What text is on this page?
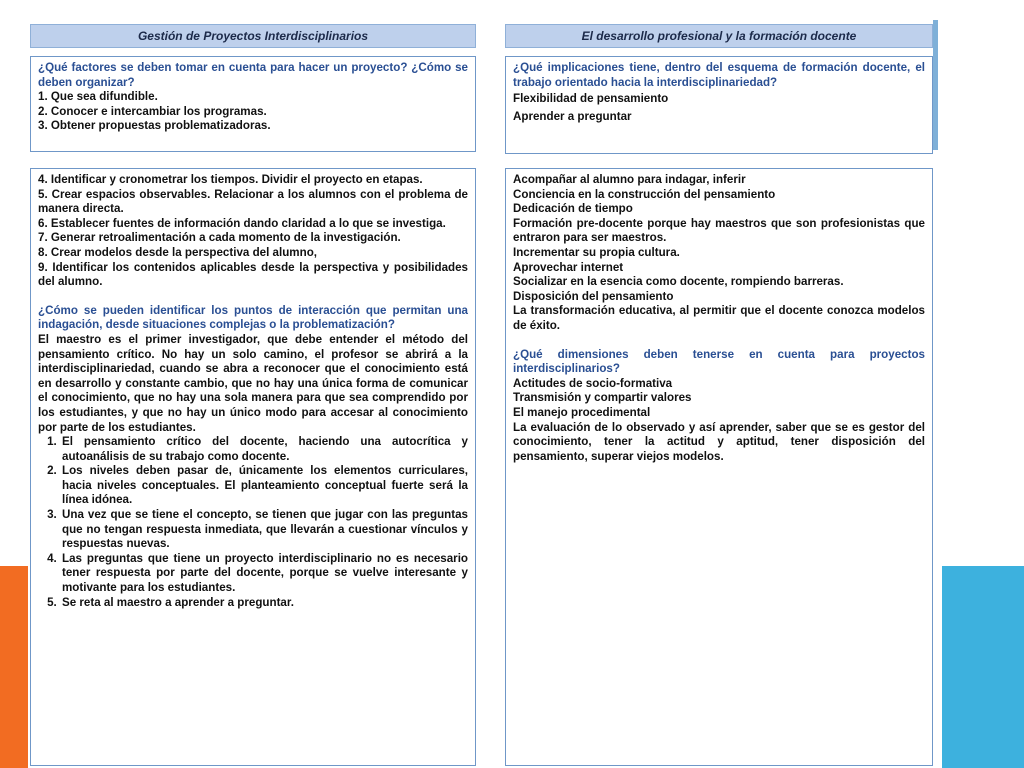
Gestión de Proyectos Interdisciplinarios

¿Qué factores se deben tomar en cuenta para hacer un proyecto? ¿Cómo se deben organizar?

1. Que sea difundible.
2. Conocer e intercambiar los programas.
3. Obtener propuestas problematizadoras.
4. Identificar y cronometrar los tiempos. Dividir el proyecto en etapas.
5. Crear espacios observables. Relacionar a los alumnos con el problema de manera directa.
6. Establecer fuentes de información dando claridad a lo que se investiga.
7. Generar retroalimentación a cada momento de la investigación.
8. Crear modelos desde la perspectiva del alumno,
9. Identificar los contenidos aplicables desde la perspectiva y posibilidades del alumno.

¿Cómo se pueden identificar los puntos de interacción que permitan una indagación, desde situaciones complejas o la problematización?

El maestro es el primer investigador, que debe entender el método del pensamiento crítico. No hay un solo camino, el profesor se abrirá a la interdisciplinariedad, cuando se abra a reconocer que el conocimiento está en desarrollo y constante cambio, que no hay una única forma de comunicar el conocimiento, que no hay una sola manera para que sea comprendido por los estudiantes, y que no hay un único modo para accesar al conocimiento por parte de los estudiantes.

1. El pensamiento crítico del docente, haciendo una autocrítica y autoanálisis de su trabajo como docente.
2. Los niveles deben pasar de, únicamente los elementos curriculares, hacia niveles conceptuales. El planteamiento conceptual fuerte será la línea idónea.
3. Una vez que se tiene el concepto, se tienen que jugar con las preguntas que no tengan respuesta inmediata, que llevarán a cuestionar vínculos y respuestas nuevas.
4. Las preguntas que tiene un proyecto interdisciplinario no es necesario tener respuesta por parte del docente, porque se vuelve interesante y motivante para los estudiantes.
5. Se reta al maestro a aprender a preguntar.
El desarrollo profesional y la formación docente

¿Qué implicaciones tiene, dentro del esquema de formación docente, el trabajo orientado hacia la interdisciplinariedad?

Flexibilidad de pensamiento
Aprender a preguntar
Acompañar al alumno para indagar, inferir
Conciencia en la construcción del pensamiento
Dedicación de tiempo
Formación pre-docente porque hay maestros que son profesionistas que entraron para ser maestros.
Incrementar su propia cultura.
Aprovechar internet
Socializar en la esencia como docente, rompiendo barreras.
Disposición del pensamiento
La transformación educativa, al permitir que el docente conozca modelos de éxito.

¿Qué dimensiones deben tenerse en cuenta para proyectos interdisciplinarios?

Actitudes de socio-formativa
Transmisión y compartir valores
El manejo procedimental
La evaluación de lo observado y así aprender, saber que se es gestor del conocimiento, tener la actitud y aptitud, tener disposición del pensamiento, superar viejos modelos.
